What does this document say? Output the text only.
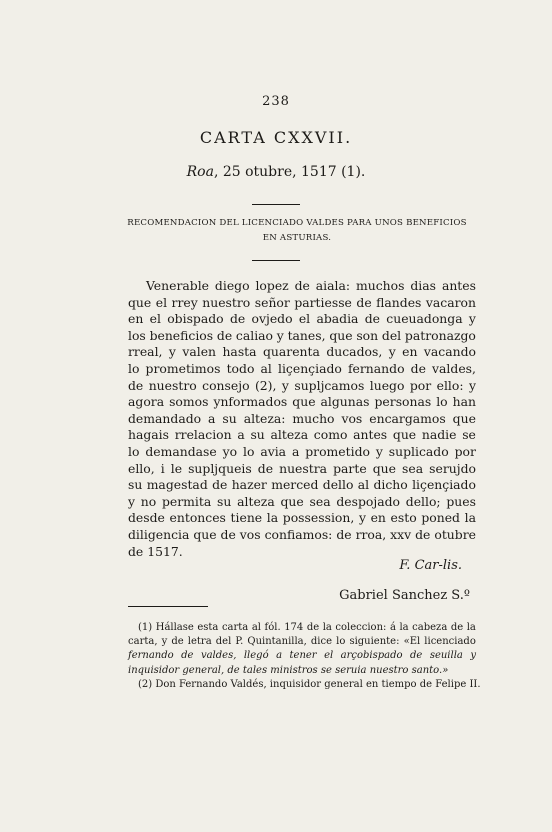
238
CARTA CXXVII.
Roa, 25 otubre, 1517 (1).
RECOMENDACION DEL LICENCIADO VALDES PARA UNOS BENEFICIOS
EN ASTURIAS.
Venerable diego lopez de aiala: muchos dias antes
que el rrey nuestro señor partiesse de flandes vacaron
en el obispado de ovjedo el abadia de cueuadonga y
los beneficios de caliao y tanes, que son del patronazgo
rreal, y valen hasta quarenta ducados, y en vacando
lo prometimos todo al liçençiado fernando de valdes,
de nuestro consejo (2), y supljcamos luego por ello: y
agora somos ynformados que algunas personas lo han
demandado a su alteza: mucho vos encargamos que
hagais rrelacion a su alteza como antes que nadie se
lo demandase yo lo avia a prometido y suplicado por
ello, i le supljqueis de nuestra parte que sea serujdo
su magestad de hazer merced dello al dicho liçençiado
y no permita su alteza que sea despojado dello; pues
desde entonces tiene la possession, y en esto poned la
diligencia que de vos confiamos: de rroa, xxv de otubre
de 1517.
F. Car-lis.
Gabriel Sanchez S.º
(1) Hállase esta carta al fól. 174 de la coleccion: á la cabeza de la
carta, y de letra del P. Quintanilla, dice lo siguiente: «El licenciado
fernando de valdes, llegó a tener el arçobispado de seuilla y
inquisidor general, de tales ministros se seruia nuestro santo.»
(2) Don Fernando Valdés, inquisidor general en tiempo de Felipe II.
